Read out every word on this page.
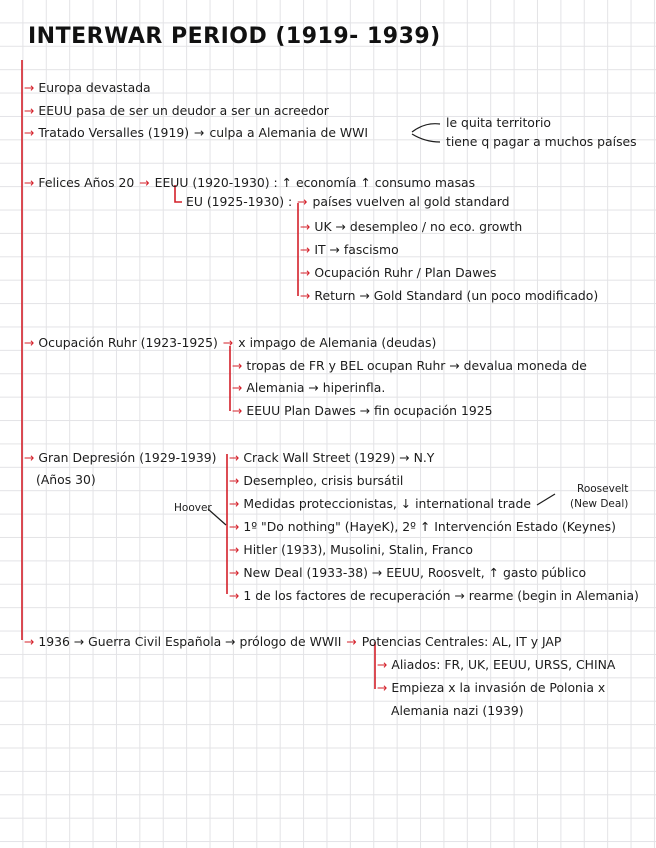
INTERWAR PERIOD (1919- 1939)
→ Europa devastada
→ EEUU pasa de ser un deudor a ser un acreedor
→ Tratado Versalles (1919) → culpa a Alemania de WWI
le quita territorio
tiene q pagar a muchos países
→ Felices Años 20 → EEUU (1920-1930) : ↑ economía ↑ consumo masas
EU (1925-1930) : → países vuelven al gold standard
→ UK → desempleo / no eco. growth
→ IT → fascismo
→ Ocupación Ruhr / Plan Dawes
→ Return → Gold Standard (un poco modificado)
→ Ocupación Ruhr (1923-1925) → x impago de Alemania (deudas)
→ tropas de FR y BEL ocupan Ruhr → devalua moneda de
→ Alemania → hiperinfla.
→ EEUU Plan Dawes → fin ocupación 1925
→ Gran Depresión (1929-1939)
(Años 30)
Hoover
Roosevelt
(New Deal)
→ Crack Wall Street (1929) → N.Y
→ Desempleo, crisis bursátil
→ Medidas proteccionistas, ↓ international trade
→ 1º "Do nothing" (HayeK), 2º ↑ Intervención Estado (Keynes)
→ Hitler (1933), Musolini, Stalin, Franco
→ New Deal (1933-38) → EEUU, Roosvelt, ↑ gasto público
→ 1 de los factores de recuperación → rearme (begin in Alemania)
→ 1936 → Guerra Civil Española → prólogo de WWII → Potencias Centrales: AL, IT y JAP
→ Aliados: FR, UK, EEUU, URSS, CHINA
→ Empieza x la invasión de Polonia x
Alemania nazi (1939)
